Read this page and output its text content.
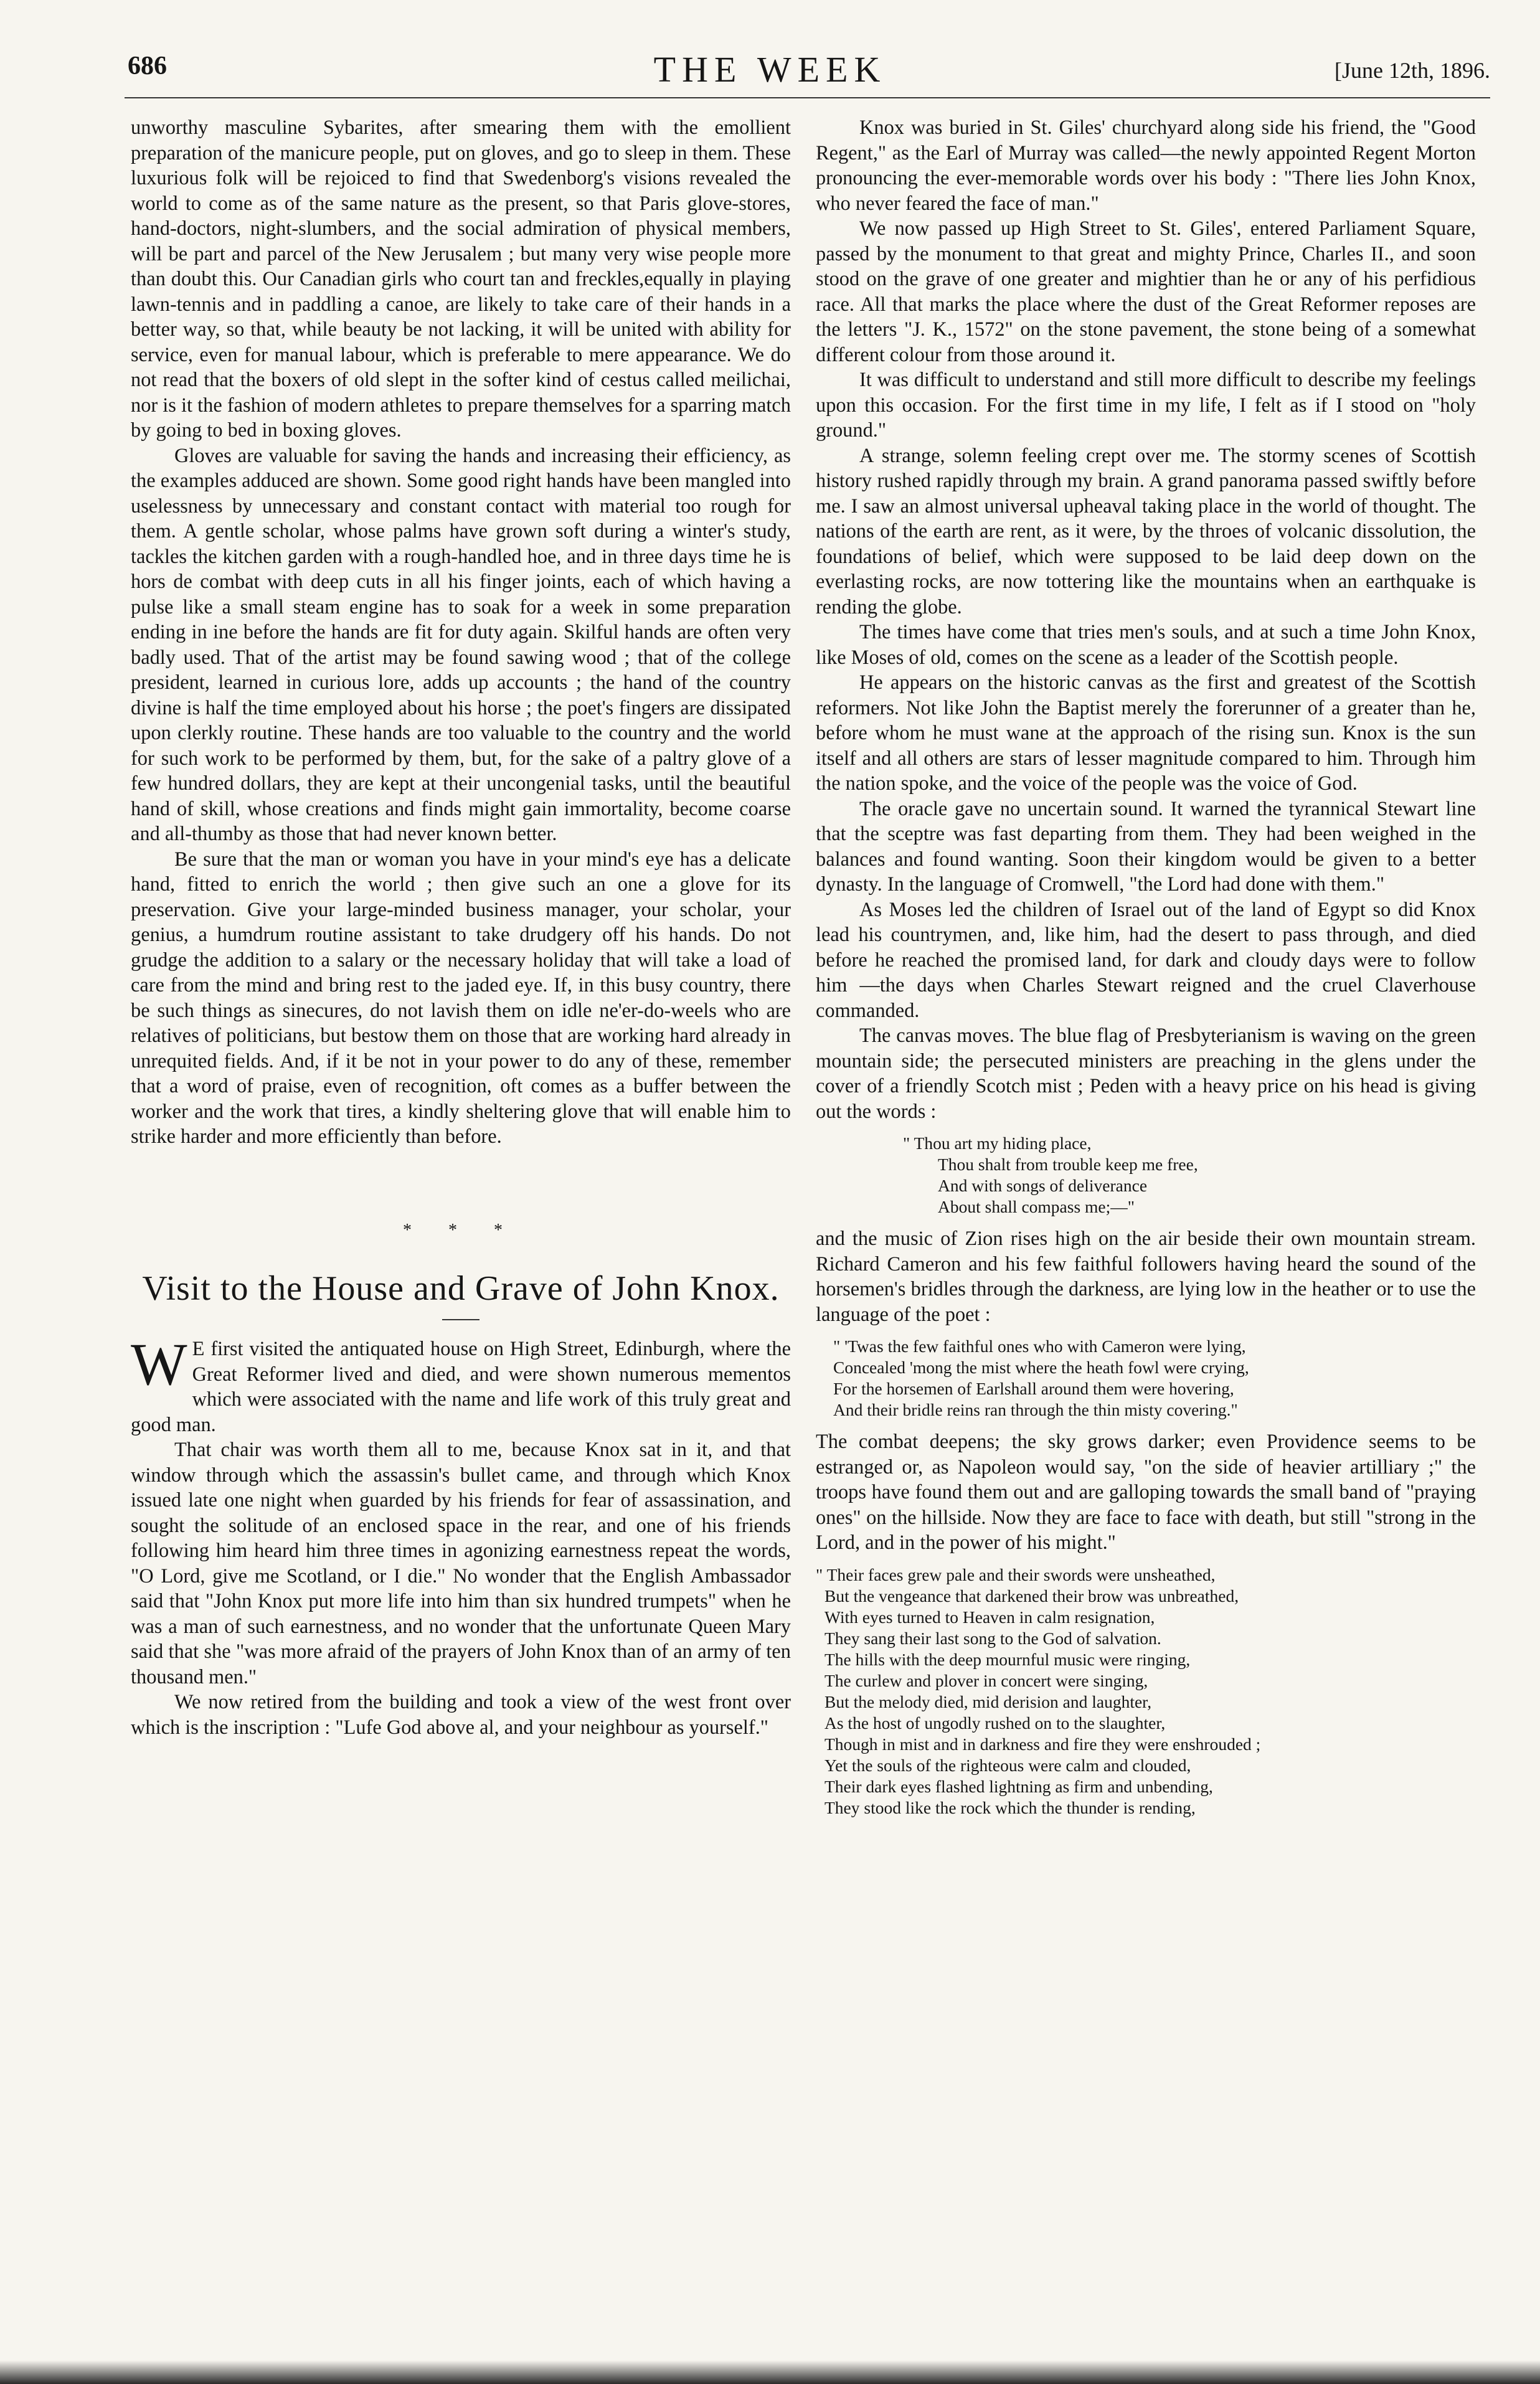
686	THE WEEK	[June 12th, 1896.

unworthy masculine Sybarites, after smearing them with the emollient preparation of the manicure people, put on gloves, and go to sleep in them. These luxurious folk will be rejoiced to find that Swedenborg's visions revealed the world to come as of the same nature as the present, so that Paris glove-stores, hand-doctors, night-slumbers, and the social admiration of physical members, will be part and parcel of the New Jerusalem ; but many very wise people more than doubt this. Our Canadian girls who court tan and freckles,equally in playing lawn-tennis and in paddling a canoe, are likely to take care of their hands in a better way, so that, while beauty be not lacking, it will be united with ability for service, even for manual labour, which is preferable to mere appearance. We do not read that the boxers of old slept in the softer kind of cestus called meilichai, nor is it the fashion of modern athletes to prepare themselves for a sparring match by going to bed in boxing gloves.

Gloves are valuable for saving the hands and increasing their efficiency, as the examples adduced are shown. Some good right hands have been mangled into uselessness by unnecessary and constant contact with material too rough for them. A gentle scholar, whose palms have grown soft during a winter's study, tackles the kitchen garden with a rough-handled hoe, and in three days time he is hors de combat with deep cuts in all his finger joints, each of which having a pulse like a small steam engine has to soak for a week in some preparation ending in ine before the hands are fit for duty again. Skilful hands are often very badly used. That of the artist may be found sawing wood ; that of the college president, learned in curious lore, adds up accounts ; the hand of the country divine is half the time employed about his horse ; the poet's fingers are dissipated upon clerkly routine. These hands are too valuable to the country and the world for such work to be performed by them, but, for the sake of a paltry glove of a few hundred dollars, they are kept at their uncongenial tasks, until the beautiful hand of skill, whose creations and finds might gain immortality, become coarse and all-thumby as those that had never known better.

Be sure that the man or woman you have in your mind's eye has a delicate hand, fitted to enrich the world ; then give such an one a glove for its preservation. Give your large-minded business manager, your scholar, your genius, a humdrum routine assistant to take drudgery off his hands. Do not grudge the addition to a salary or the necessary holiday that will take a load of care from the mind and bring rest to the jaded eye. If, in this busy country, there be such things as sinecures, do not lavish them on idle ne'er-do-weels who are relatives of politicians, but bestow them on those that are working hard already in unrequited fields. And, if it be not in your power to do any of these, remember that a word of praise, even of recognition, oft comes as a buffer between the worker and the work that tires, a kindly sheltering glove that will enable him to strike harder and more efficiently than before.

* * *
Visit to the House and Grave of John Knox.

W E first visited the antiquated house on High Street, Edinburgh, where the Great Reformer lived and died, and were shown numerous mementos which were associated with the name and life work of this truly great and good man.

That chair was worth them all to me, because Knox sat in it, and that window through which the assassin's bullet came, and through which Knox issued late one night when guarded by his friends for fear of assassination, and sought the solitude of an enclosed space in the rear, and one of his friends following him heard him three times in agonizing earnestness repeat the words, "O Lord, give me Scotland, or I die." No wonder that the English Ambassador said that "John Knox put more life into him than six hundred trumpets" when he was a man of such earnestness, and no wonder that the unfortunate Queen Mary said that she "was more afraid of the prayers of John Knox than of an army of ten thousand men."

We now retired from the building and took a view of the west front over which is the inscription : "Lufe God above al, and your neighbour as yourself."

Knox was buried in St. Giles' churchyard along side his friend, the "Good Regent," as the Earl of Murray was called—the newly appointed Regent Morton pronouncing the ever-memorable words over his body : "There lies John Knox, who never feared the face of man."

We now passed up High Street to St. Giles', entered Parliament Square, passed by the monument to that great and mighty Prince, Charles II., and soon stood on the grave of one greater and mightier than he or any of his perfidious race. All that marks the place where the dust of the Great Reformer reposes are the letters "J. K., 1572" on the stone pavement, the stone being of a somewhat different colour from those around it.

It was difficult to understand and still more difficult to describe my feelings upon this occasion. For the first time in my life, I felt as if I stood on "holy ground."

A strange, solemn feeling crept over me. The stormy scenes of Scottish history rushed rapidly through my brain. A grand panorama passed swiftly before me. I saw an almost universal upheaval taking place in the world of thought. The nations of the earth are rent, as it were, by the throes of volcanic dissolution, the foundations of belief, which were supposed to be laid deep down on the everlasting rocks, are now tottering like the mountains when an earthquake is rending the globe.

The times have come that tries men's souls, and at such a time John Knox, like Moses of old, comes on the scene as a leader of the Scottish people.

He appears on the historic canvas as the first and greatest of the Scottish reformers. Not like John the Baptist merely the forerunner of a greater than he, before whom he must wane at the approach of the rising sun. Knox is the sun itself and all others are stars of lesser magnitude compared to him. Through him the nation spoke, and the voice of the people was the voice of God.

The oracle gave no uncertain sound. It warned the tyrannical Stewart line that the sceptre was fast departing from them. They had been weighed in the balances and found wanting. Soon their kingdom would be given to a better dynasty. In the language of Cromwell, "the Lord had done with them."

As Moses led the children of Israel out of the land of Egypt so did Knox lead his countrymen, and, like him, had the desert to pass through, and died before he reached the promised land, for dark and cloudy days were to follow him —the days when Charles Stewart reigned and the cruel Claverhouse commanded.

The canvas moves. The blue flag of Presbyterianism is waving on the green mountain side; the persecuted ministers are preaching in the glens under the cover of a friendly Scotch mist ; Peden with a heavy price on his head is giving out the words :

" Thou art my hiding place,
Thou shalt from trouble keep me free,
And with songs of deliverance
About shall compass me;—"

and the music of Zion rises high on the air beside their own mountain stream. Richard Cameron and his few faithful followers having heard the sound of the horsemen's bridles through the darkness, are lying low in the heather or to use the language of the poet :

" 'Twas the few faithful ones who with Cameron were lying,
Concealed 'mong the mist where the heath fowl were crying,
For the horsemen of Earlshall around them were hovering,
And their bridle reins ran through the thin misty covering."

The combat deepens; the sky grows darker; even Providence seems to be estranged or, as Napoleon would say, "on the side of heavier artilliary ;" the troops have found them out and are galloping towards the small band of "praying ones" on the hillside. Now they are face to face with death, but still "strong in the Lord, and in the power of his might."

" Their faces grew pale and their swords were unsheathed,
But the vengeance that darkened their brow was unbreathed,
With eyes turned to Heaven in calm resignation,
They sang their last song to the God of salvation.
The hills with the deep mournful music were ringing,
The curlew and plover in concert were singing,
But the melody died, mid derision and laughter,
As the host of ungodly rushed on to the slaughter,
Though in mist and in darkness and fire they were enshrouded ;
Yet the souls of the righteous were calm and clouded,
Their dark eyes flashed lightning as firm and unbending,
They stood like the rock which the thunder is rending,
